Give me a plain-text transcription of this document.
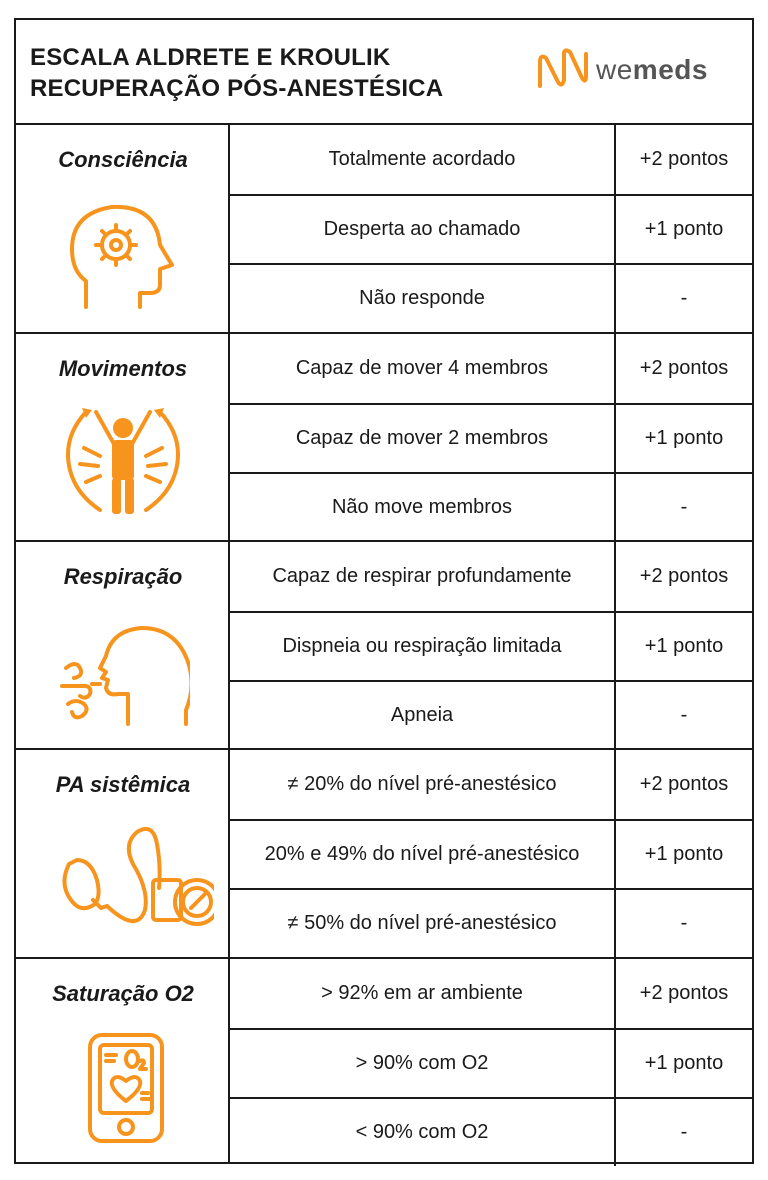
ESCALA ALDRETE E KROULIK
RECUPERAÇÃO PÓS-ANESTÉSICA
wemeds
Consciência	Totalmente acordado	+2 pontos
Desperta ao chamado	+1 ponto
Não responde	-
Movimentos	Capaz de mover 4 membros	+2 pontos
Capaz de mover 2 membros	+1 ponto
Não move membros	-
Respiração	Capaz de respirar profundamente	+2 pontos
Dispneia ou respiração limitada	+1 ponto
Apneia	-
PA sistêmica	≠ 20% do nível pré-anestésico	+2 pontos
20% e 49% do nível pré-anestésico	+1 ponto
≠ 50% do nível pré-anestésico	-
Saturação O2	> 92% em ar ambiente	+2 pontos
> 90% com O2	+1 ponto
< 90% com O2	-
